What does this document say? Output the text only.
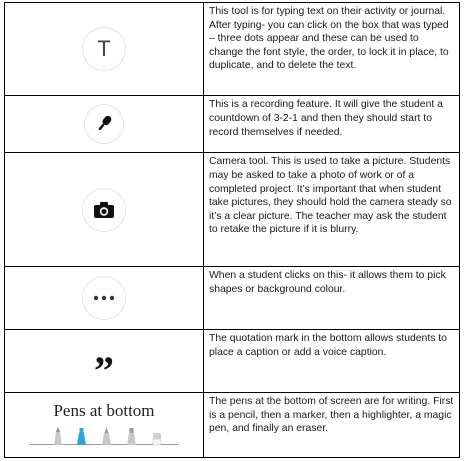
T	This tool is for typing text on their activity or journal. After typing- you can click on the box that was typed – three dots appear and these can be used to change the font style, the order, to lock it in place, to duplicate, and to delete the text.

	This is a recording feature. It will give the student a countdown of 3-2-1 and then they should start to record themselves if needed.

	Camera tool. This is used to take a picture. Students may be asked to take a photo of work or of a completed project. It’s important that when student take pictures, they should hold the camera steady so it’s a clear picture. The teacher may ask the student to retake the picture if it is blurry.

	When a student clicks on this- it allows them to pick shapes or background colour.
”	The quotation mark in the bottom allows students to place a caption or add a voice caption.

Pens at bottom	The pens at the bottom of screen are for writing. First is a pencil, then a marker, then a highlighter, a magic pen, and finally an eraser.
